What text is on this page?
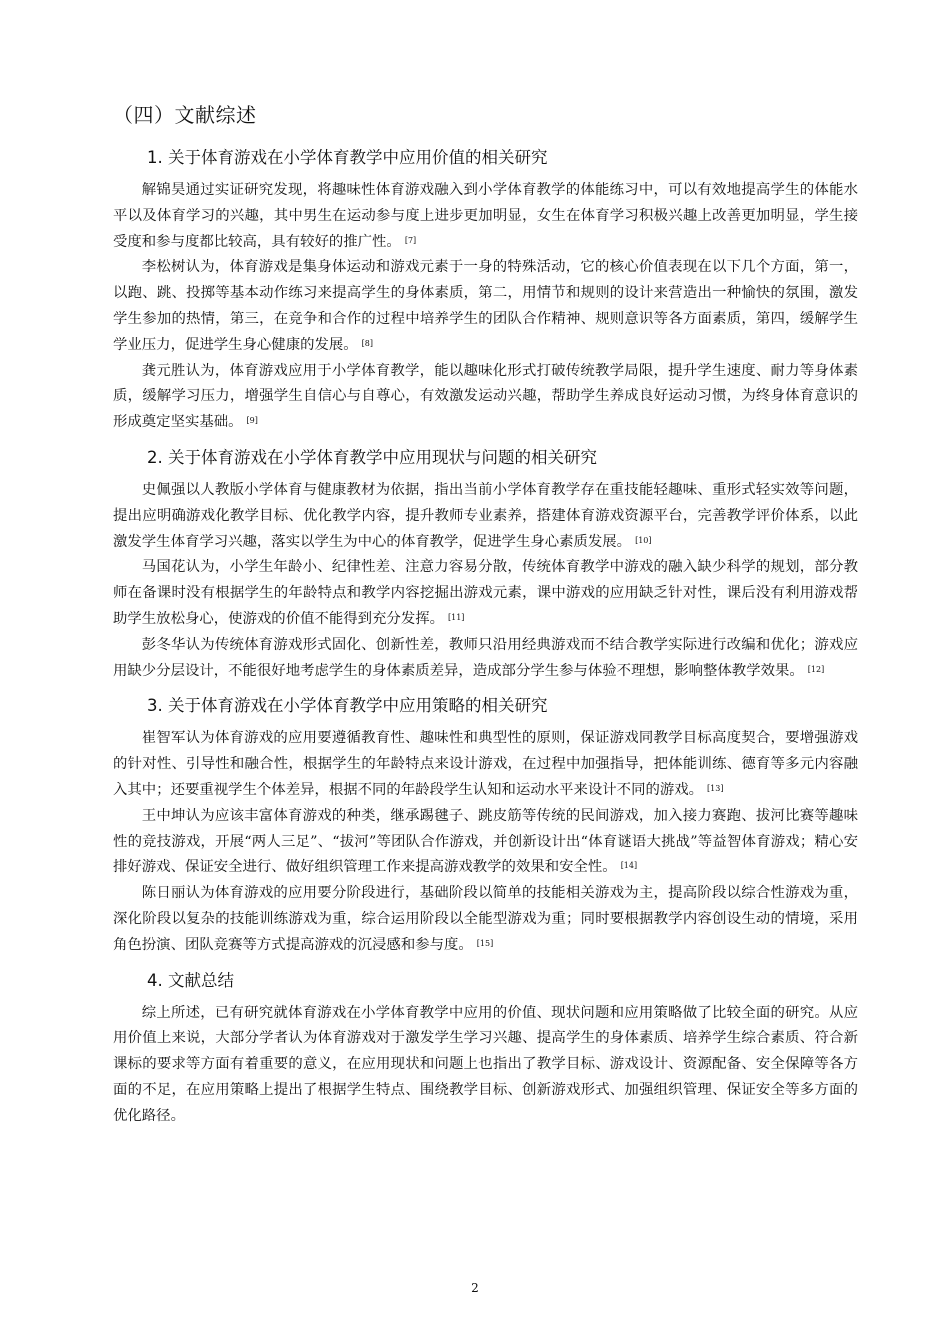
（四）文献综述
1. 关于体育游戏在小学体育教学中应用价值的相关研究

解锦昊通过实证研究发现，将趣味性体育游戏融入到小学体育教学的体能练习中，可以有效地提高学生的体能水平以及体育学习的兴趣，其中男生在运动参与度上进步更加明显，女生在体育学习积极兴趣上改善更加明显，学生接受度和参与度都比较高，具有较好的推广性。 [7]

李松树认为，体育游戏是集身体运动和游戏元素于一身的特殊活动，它的核心价值表现在以下几个方面，第一，以跑、跳、投掷等基本动作练习来提高学生的身体素质，第二，用情节和规则的设计来营造出一种愉快的氛围，激发学生参加的热情，第三，在竞争和合作的过程中培养学生的团队合作精神、规则意识等各方面素质，第四，缓解学生学业压力，促进学生身心健康的发展。 [8]

龚元胜认为，体育游戏应用于小学体育教学，能以趣味化形式打破传统教学局限，提升学生速度、耐力等身体素质，缓解学习压力，增强学生自信心与自尊心，有效激发运动兴趣，帮助学生养成良好运动习惯，为终身体育意识的形成奠定坚实基础。 [9]

2. 关于体育游戏在小学体育教学中应用现状与问题的相关研究

史佩强以人教版小学体育与健康教材为依据，指出当前小学体育教学存在重技能轻趣味、重形式轻实效等问题，提出应明确游戏化教学目标、优化教学内容，提升教师专业素养，搭建体育游戏资源平台，完善教学评价体系，以此激发学生体育学习兴趣，落实以学生为中心的体育教学，促进学生身心素质发展。 [10]

马国花认为，小学生年龄小、纪律性差、注意力容易分散，传统体育教学中游戏的融入缺少科学的规划，部分教师在备课时没有根据学生的年龄特点和教学内容挖掘出游戏元素，课中游戏的应用缺乏针对性，课后没有利用游戏帮助学生放松身心，使游戏的价值不能得到充分发挥。 [11]

彭冬华认为传统体育游戏形式固化、创新性差，教师只沿用经典游戏而不结合教学实际进行改编和优化；游戏应用缺少分层设计，不能很好地考虑学生的身体素质差异，造成部分学生参与体验不理想，影响整体教学效果。 [12]

3. 关于体育游戏在小学体育教学中应用策略的相关研究

崔智军认为体育游戏的应用要遵循教育性、趣味性和典型性的原则，保证游戏同教学目标高度契合，要增强游戏的针对性、引导性和融合性，根据学生的年龄特点来设计游戏，在过程中加强指导，把体能训练、德育等多元内容融入其中；还要重视学生个体差异，根据不同的年龄段学生认知和运动水平来设计不同的游戏。 [13]

王中坤认为应该丰富体育游戏的种类，继承踢毽子、跳皮筋等传统的民间游戏，加入接力赛跑、拔河比赛等趣味性的竞技游戏，开展“两人三足”、“拔河”等团队合作游戏，并创新设计出“体育谜语大挑战”等益智体育游戏；精心安排好游戏、保证安全进行、做好组织管理工作来提高游戏教学的效果和安全性。 [14]

陈日丽认为体育游戏的应用要分阶段进行，基础阶段以简单的技能相关游戏为主，提高阶段以综合性游戏为重，深化阶段以复杂的技能训练游戏为重，综合运用阶段以全能型游戏为重；同时要根据教学内容创设生动的情境，采用角色扮演、团队竞赛等方式提高游戏的沉浸感和参与度。 [15]

4. 文献总结

综上所述，已有研究就体育游戏在小学体育教学中应用的价值、现状问题和应用策略做了比较全面的研究。从应用价值上来说，大部分学者认为体育游戏对于激发学生学习兴趣、提高学生的身体素质、培养学生综合素质、符合新课标的要求等方面有着重要的意义，在应用现状和问题上也指出了教学目标、游戏设计、资源配备、安全保障等各方面的不足，在应用策略上提出了根据学生特点、围绕教学目标、创新游戏形式、加强组织管理、保证安全等多方面的优化路径。

2
